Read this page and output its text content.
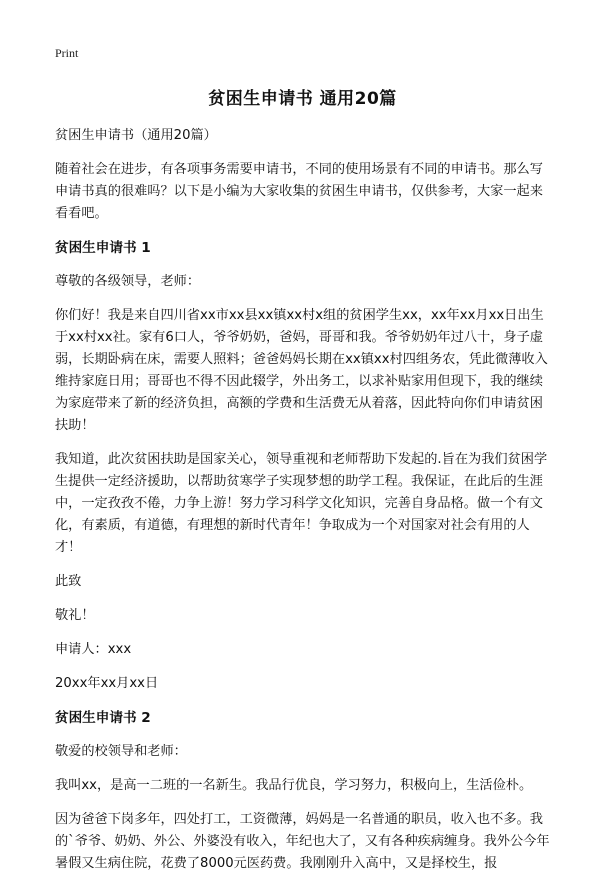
Print
贫困生申请书 通用20篇

贫困生申请书（通用20篇）

随着社会在进步，有各项事务需要申请书，不同的使用场景有不同的申请书。那么写申请书真的很难吗？以下是小编为大家收集的贫困生申请书，仅供参考，大家一起来看看吧。

贫困生申请书 1

尊敬的各级领导，老师：

你们好！我是来自四川省xx市xx县xx镇xx村x组的贫困学生xx，xx年xx月xx日出生于xx村xx社。家有6口人，爷爷奶奶，爸妈，哥哥和我。爷爷奶奶年过八十，身子虚弱，长期卧病在床，需要人照料；爸爸妈妈长期在xx镇xx村四组务农，凭此微薄收入维持家庭日用；哥哥也不得不因此辍学，外出务工，以求补贴家用但现下，我的继续为家庭带来了新的经济负担，高额的学费和生活费无从着落，因此特向你们申请贫困扶助！

我知道，此次贫困扶助是国家关心，领导重视和老师帮助下发起的.旨在为我们贫困学生提供一定经济援助，以帮助贫寒学子实现梦想的助学工程。我保证，在此后的生涯中，一定孜孜不倦，力争上游！努力学习科学文化知识，完善自身品格。做一个有文化，有素质，有道德，有理想的新时代青年！争取成为一个对国家对社会有用的人才！

此致

敬礼！

申请人：xxx

20xx年xx月xx日

贫困生申请书 2

敬爱的校领导和老师：

我叫xx，是高一二班的一名新生。我品行优良，学习努力，积极向上，生活俭朴。

因为爸爸下岗多年，四处打工，工资微薄，妈妈是一名普通的职员，收入也不多。我的`爷爷、奶奶、外公、外婆没有收入，年纪也大了，又有各种疾病缠身。我外公今年暑假又生病住院，花费了8000元医药费。我刚刚升入高中，又是择校生，报
